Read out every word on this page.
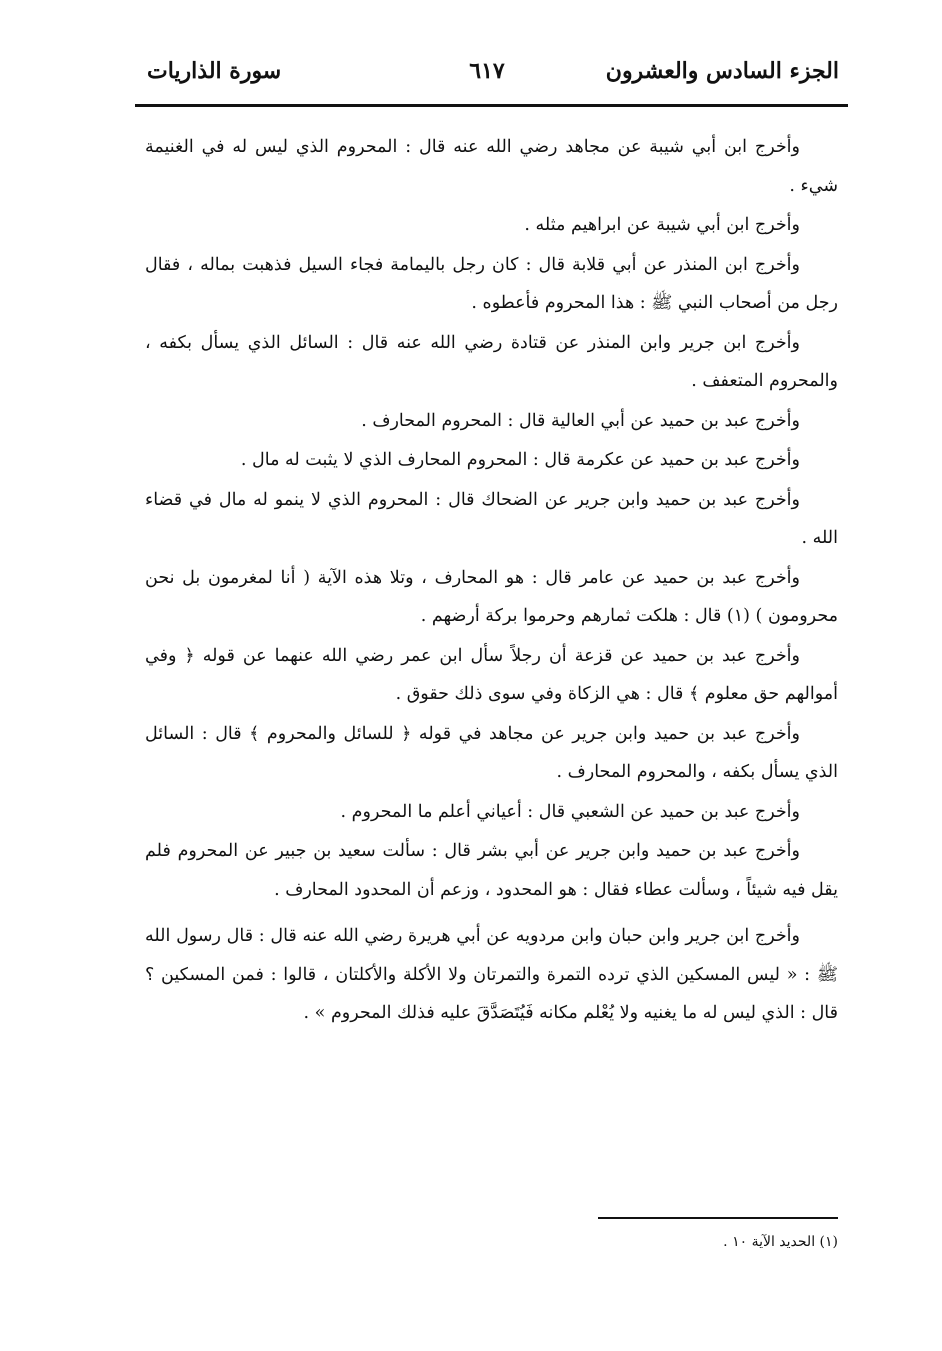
الجزء السادس والعشرون
٦١٧
سورة الذاريات

وأخرج ابن أبي شيبة عن مجاهد رضي الله عنه قال : المحروم الذي ليس له في الغنيمة شيء .

وأخرج ابن أبي شيبة عن ابراهيم مثله .

وأخرج ابن المنذر عن أبي قلابة قال : كان رجل باليمامة فجاء السيل فذهبت بماله ، فقال رجل من أصحاب النبي ﷺ : هذا المحروم فأعطوه .

وأخرج ابن جرير وابن المنذر عن قتادة رضي الله عنه قال : السائل الذي يسأل بكفه ، والمحروم المتعفف .

وأخرج عبد بن حميد عن أبي العالية قال : المحروم المحارف .

وأخرج عبد بن حميد عن عكرمة قال : المحروم المحارف الذي لا يثبت له مال .

وأخرج عبد بن حميد وابن جرير عن الضحاك قال : المحروم الذي لا ينمو له مال في قضاء الله .

وأخرج عبد بن حميد عن عامر قال : هو المحارف ، وتلا هذه الآية ( أنا لمغرمون بل نحن محرومون ) (١) قال : هلكت ثمارهم وحرموا بركة أرضهم .

وأخرج عبد بن حميد عن قزعة أن رجلاً سأل ابن عمر رضي الله عنهما عن قوله ﴿ وفي أموالهم حق معلوم ﴾ قال : هي الزكاة وفي سوى ذلك حقوق .

وأخرج عبد بن حميد وابن جرير عن مجاهد في قوله ﴿ للسائل والمحروم ﴾ قال : السائل الذي يسأل بكفه ، والمحروم المحارف .

وأخرج عبد بن حميد عن الشعبي قال : أعياني أعلم ما المحروم .

وأخرج عبد بن حميد وابن جرير عن أبي بشر قال : سألت سعيد بن جبير عن المحروم فلم يقل فيه شيئاً ، وسألت عطاء فقال : هو المحدود ، وزعم أن المحدود المحارف .

وأخرج ابن جرير وابن حبان وابن مردويه عن أبي هريرة رضي الله عنه قال : قال رسول الله ﷺ : « ليس المسكين الذي ترده التمرة والتمرتان ولا الأكلة والأكلتان ، قالوا : فمن المسكين ؟ قال : الذي ليس له ما يغنيه ولا يُعْلم مكانه فَيُتَصَدَّقَ عليه فذلك المحروم » .

(١) الحديد الآية ١٠ .
